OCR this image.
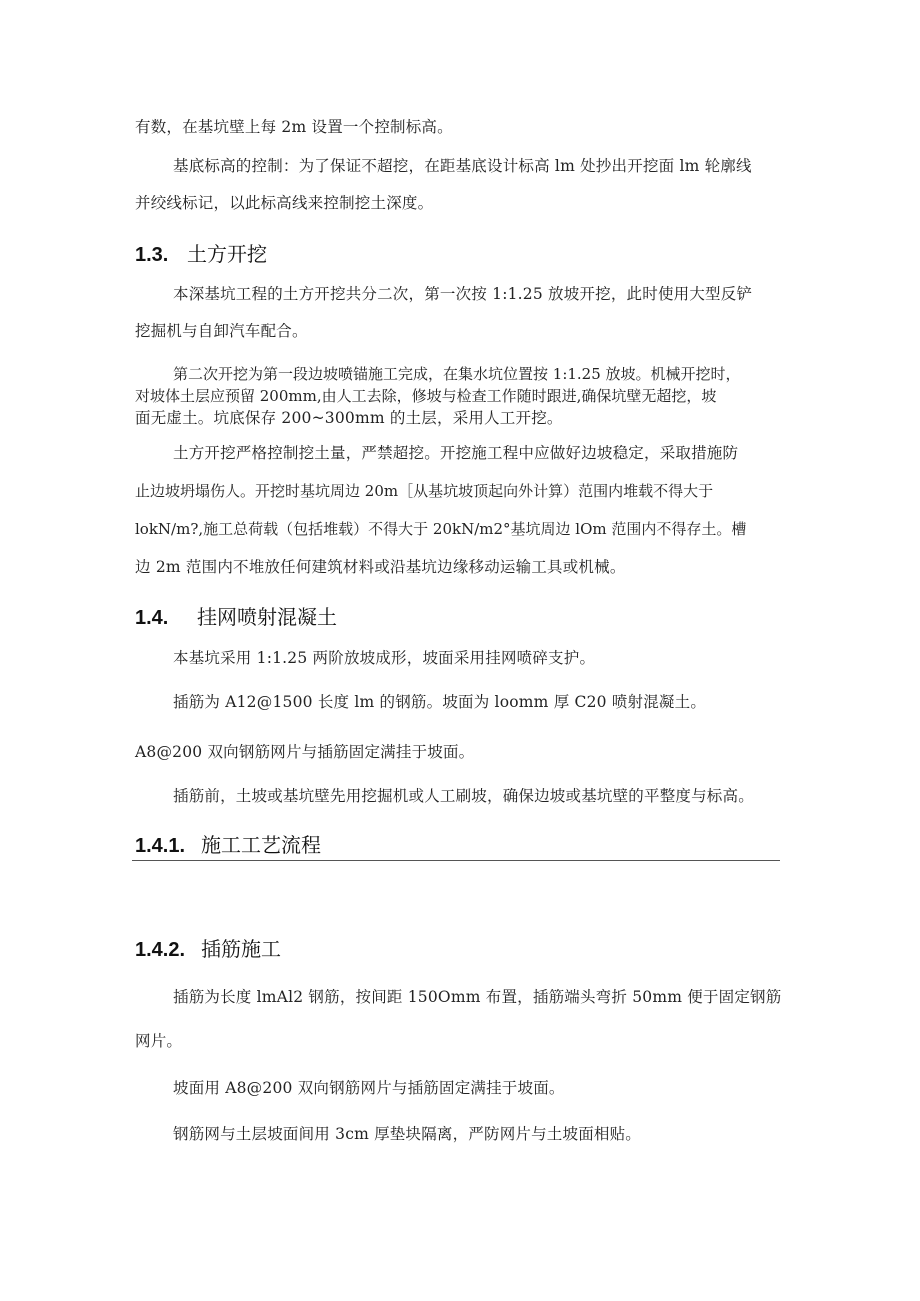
有数，在基坑壁上每 2m 设置一个控制标高。
基底标高的控制：为了保证不超挖，在距基底设计标高 lm 处抄出开挖面 lm 轮廓线
并绞线标记，以此标高线来控制挖土深度。
1.3. 土方开挖
本深基坑工程的土方开挖共分二次，第一次按 1:1.25 放坡开挖，此时使用大型反铲
挖掘机与自卸汽车配合。
第二次开挖为第一段边坡喷锚施工完成，在集水坑位置按 1:1.25 放坡。机械开挖时，
对坡体土层应预留 200mm,由人工去除，修坡与检查工作随时跟进,确保坑壁无超挖，坡
面无虚土。坑底保存 200~300mm 的土层，采用人工开挖。
土方开挖严格控制挖土量，严禁超挖。开挖施工程中应做好边坡稳定，采取措施防
止边坡坍塌伤人。开挖时基坑周边 20m［从基坑坡顶起向外计算）范围内堆载不得大于
lokN∕m?,施工总荷载（包括堆载）不得大于 20kN∕m2°基坑周边 lOm 范围内不得存土。槽
边 2m 范围内不堆放任何建筑材料或沿基坑边缘移动运输工具或机械。
1.4. 挂网喷射混凝土
本基坑采用 1:1.25 两阶放坡成形，坡面采用挂网喷碎支护。
插筋为 A12@1500 长度 lm 的钢筋。坡面为 loomm 厚 C20 喷射混凝土。
A8@200 双向钢筋网片与插筋固定满挂于坡面。
插筋前，土坡或基坑壁先用挖掘机或人工刷坡，确保边坡或基坑壁的平整度与标高。
1.4.1. 施工工艺流程
1.4.2. 插筋施工
插筋为长度 lmAl2 钢筋，按间距 150Omm 布置，插筋端头弯折 50mm 便于固定钢筋
网片。
坡面用 A8@200 双向钢筋网片与插筋固定满挂于坡面。
钢筋网与土层坡面间用 3cm 厚垫块隔离，严防网片与土坡面相贴。
